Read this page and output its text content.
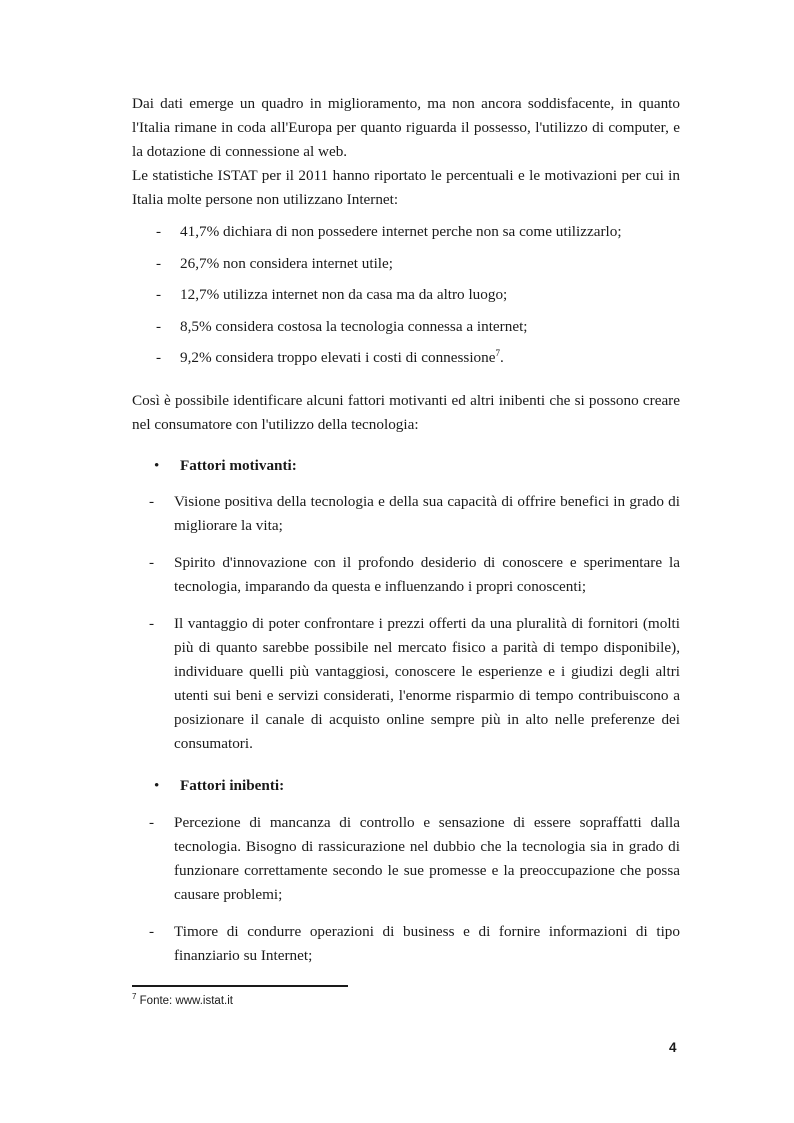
Dai dati emerge un quadro in miglioramento, ma non ancora soddisfacente, in quanto l'Italia rimane in coda all'Europa per quanto riguarda il possesso, l'utilizzo di computer, e la dotazione di connessione al web.

Le statistiche ISTAT per il 2011 hanno riportato le percentuali e le motivazioni per cui in Italia molte persone non utilizzano Internet:

- 41,7% dichiara di non possedere internet perche non sa come utilizzarlo;
- 26,7% non considera internet utile;
- 12,7% utilizza internet non da casa ma da altro luogo;
- 8,5% considera costosa la tecnologia connessa a internet;
- 9,2% considera troppo elevati i costi di connessione$^7$.

Così è possibile identificare alcuni fattori motivanti ed altri inibenti che si possono creare nel consumatore con l'utilizzo della tecnologia:

• Fattori motivanti:
- Visione positiva della tecnologia e della sua capacità di offrire benefici in grado di migliorare la vita;
- Spirito d'innovazione con il profondo desiderio di conoscere e sperimentare la tecnologia, imparando da questa e influenzando i propri conoscenti;
- Il vantaggio di poter confrontare i prezzi offerti da una pluralità di fornitori (molti più di quanto sarebbe possibile nel mercato fisico a parità di tempo disponibile), individuare quelli più vantaggiosi, conoscere le esperienze e i giudizi degli altri utenti sui beni e servizi considerati, l'enorme risparmio di tempo contribuiscono a posizionare il canale di acquisto online sempre più in alto nelle preferenze dei consumatori.
• Fattori inibenti:
- Percezione di mancanza di controllo e sensazione di essere sopraffatti dalla tecnologia. Bisogno di rassicurazione nel dubbio che la tecnologia sia in grado di funzionare correttamente secondo le sue promesse e la preoccupazione che possa causare problemi;
- Timore di condurre operazioni di business e di fornire informazioni di tipo finanziario su Internet;
$^7$ Fonte: www.istat.it
4
